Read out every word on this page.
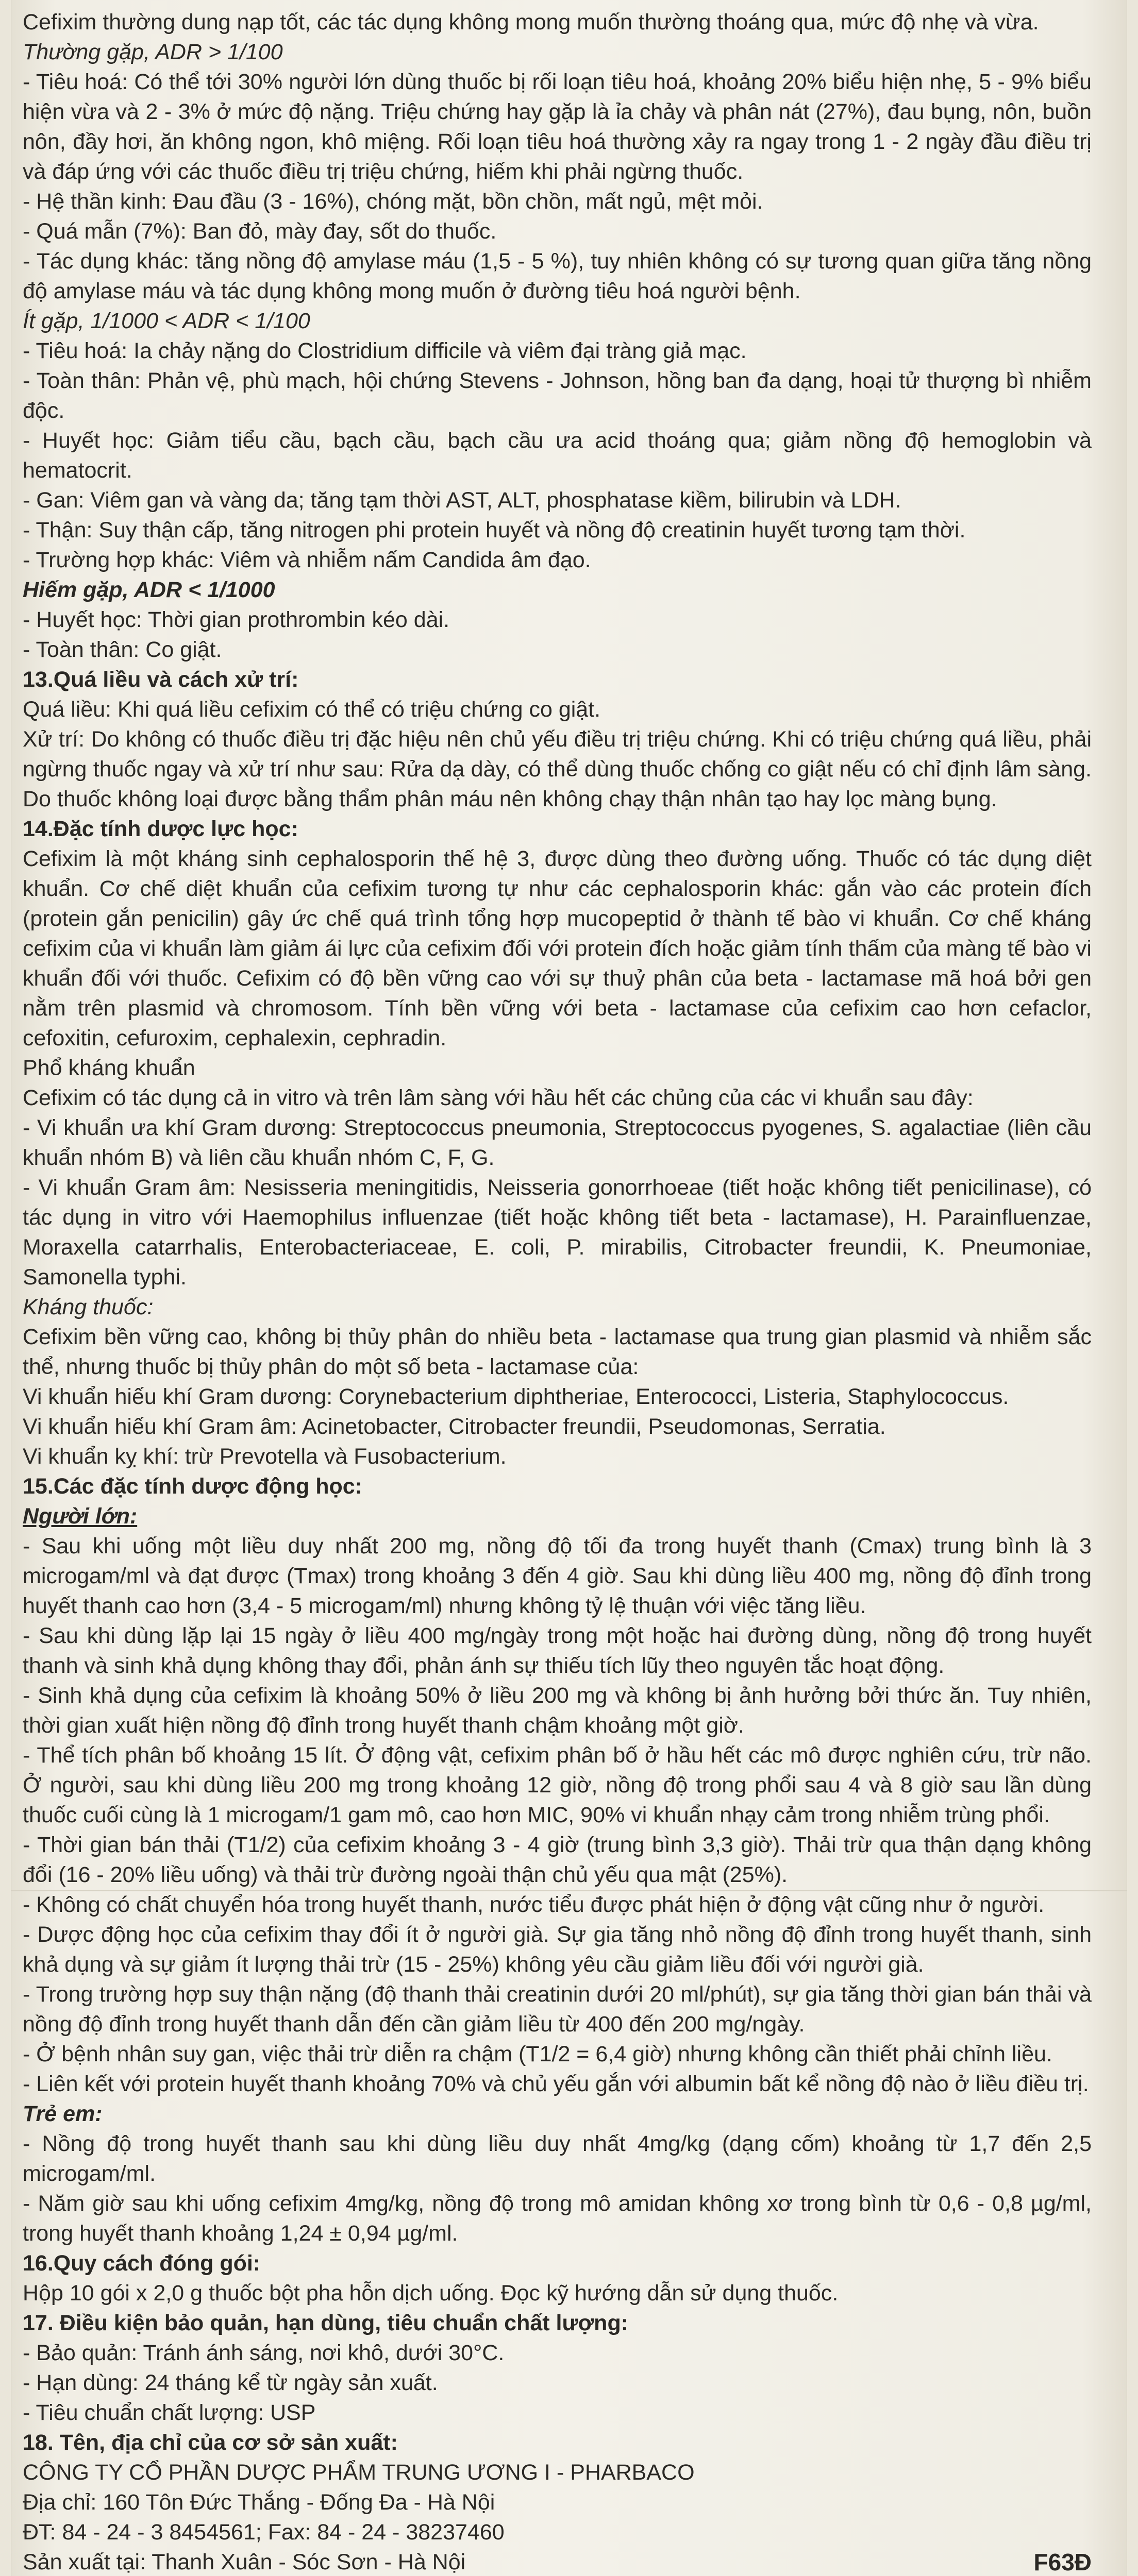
Cefixim thường dung nạp tốt, các tác dụng không mong muốn thường thoáng qua, mức độ nhẹ và vừa.

Thường gặp, ADR > 1/100

- Tiêu hoá: Có thể tới 30% người lớn dùng thuốc bị rối loạn tiêu hoá, khoảng 20% biểu hiện nhẹ, 5 - 9% biểu hiện vừa và 2 - 3% ở mức độ nặng. Triệu chứng hay gặp là ỉa chảy và phân nát (27%), đau bụng, nôn, buồn nôn, đầy hơi, ăn không ngon, khô miệng. Rối loạn tiêu hoá thường xảy ra ngay trong 1 - 2 ngày đầu điều trị và đáp ứng với các thuốc điều trị triệu chứng, hiếm khi phải ngừng thuốc.

- Hệ thần kinh: Đau đầu (3 - 16%), chóng mặt, bồn chồn, mất ngủ, mệt mỏi.

- Quá mẫn (7%): Ban đỏ, mày đay, sốt do thuốc.

- Tác dụng khác: tăng nồng độ amylase máu (1,5 - 5 %), tuy nhiên không có sự tương quan giữa tăng nồng độ amylase máu và tác dụng không mong muốn ở đường tiêu hoá người bệnh.

Ít gặp, 1/1000 < ADR < 1/100

- Tiêu hoá: Ia chảy nặng do Clostridium difficile và viêm đại tràng giả mạc.

- Toàn thân: Phản vệ, phù mạch, hội chứng Stevens - Johnson, hồng ban đa dạng, hoại tử thượng bì nhiễm độc.

- Huyết học: Giảm tiểu cầu, bạch cầu, bạch cầu ưa acid thoáng qua; giảm nồng độ hemoglobin và hematocrit.

- Gan: Viêm gan và vàng da; tăng tạm thời AST, ALT, phosphatase kiềm, bilirubin và LDH.

- Thận: Suy thận cấp, tăng nitrogen phi protein huyết và nồng độ creatinin huyết tương tạm thời.

- Trường hợp khác: Viêm và nhiễm nấm Candida âm đạo.

Hiếm gặp, ADR < 1/1000

- Huyết học: Thời gian prothrombin kéo dài.

- Toàn thân: Co giật.

13.Quá liều và cách xử trí:

Quá liều: Khi quá liều cefixim có thể có triệu chứng co giật.

Xử trí: Do không có thuốc điều trị đặc hiệu nên chủ yếu điều trị triệu chứng. Khi có triệu chứng quá liều, phải ngừng thuốc ngay và xử trí như sau: Rửa dạ dày, có thể dùng thuốc chống co giật nếu có chỉ định lâm sàng. Do thuốc không loại được bằng thẩm phân máu nên không chạy thận nhân tạo hay lọc màng bụng.

14.Đặc tính dược lực học:

Cefixim là một kháng sinh cephalosporin thế hệ 3, được dùng theo đường uống. Thuốc có tác dụng diệt khuẩn. Cơ chế diệt khuẩn của cefixim tương tự như các cephalosporin khác: gắn vào các protein đích (protein gắn penicilin) gây ức chế quá trình tổng hợp mucopeptid ở thành tế bào vi khuẩn. Cơ chế kháng cefixim của vi khuẩn làm giảm ái lực của cefixim đối với protein đích hoặc giảm tính thấm của màng tế bào vi khuẩn đối với thuốc. Cefixim có độ bền vững cao với sự thuỷ phân của beta - lactamase mã hoá bởi gen nằm trên plasmid và chromosom. Tính bền vững với beta - lactamase của cefixim cao hơn cefaclor, cefoxitin, cefuroxim, cephalexin, cephradin.

Phổ kháng khuẩn

Cefixim có tác dụng cả in vitro và trên lâm sàng với hầu hết các chủng của các vi khuẩn sau đây:

- Vi khuẩn ưa khí Gram dương: Streptococcus pneumonia, Streptococcus pyogenes, S. agalactiae (liên cầu khuẩn nhóm B) và liên cầu khuẩn nhóm C, F, G.

- Vi khuẩn Gram âm: Nesisseria meningitidis, Neisseria gonorrhoeae (tiết hoặc không tiết penicilinase), có tác dụng in vitro với Haemophilus influenzae (tiết hoặc không tiết beta - lactamase), H. Parainfluenzae, Moraxella catarrhalis, Enterobacteriaceae, E. coli, P. mirabilis, Citrobacter freundii, K. Pneumoniae, Samonella typhi.

Kháng thuốc:

Cefixim bền vững cao, không bị thủy phân do nhiều beta - lactamase qua trung gian plasmid và nhiễm sắc thể, nhưng thuốc bị thủy phân do một số beta - lactamase của:

Vi khuẩn hiếu khí Gram dương: Corynebacterium diphtheriae, Enterococci, Listeria, Staphylococcus.

Vi khuẩn hiếu khí Gram âm: Acinetobacter, Citrobacter freundii, Pseudomonas, Serratia.

Vi khuẩn kỵ khí: trừ Prevotella và Fusobacterium.

15.Các đặc tính dược động học:

Người lớn:

- Sau khi uống một liều duy nhất 200 mg, nồng độ tối đa trong huyết thanh (Cmax) trung bình là 3 microgam/ml và đạt được (Tmax) trong khoảng 3 đến 4 giờ. Sau khi dùng liều 400 mg, nồng độ đỉnh trong huyết thanh cao hơn (3,4 - 5 microgam/ml) nhưng không tỷ lệ thuận với việc tăng liều.

- Sau khi dùng lặp lại 15 ngày ở liều 400 mg/ngày trong một hoặc hai đường dùng, nồng độ trong huyết thanh và sinh khả dụng không thay đổi, phản ánh sự thiếu tích lũy theo nguyên tắc hoạt động.

- Sinh khả dụng của cefixim là khoảng 50% ở liều 200 mg và không bị ảnh hưởng bởi thức ăn. Tuy nhiên, thời gian xuất hiện nồng độ đỉnh trong huyết thanh chậm khoảng một giờ.

- Thể tích phân bố khoảng 15 lít. Ở động vật, cefixim phân bố ở hầu hết các mô được nghiên cứu, trừ não. Ở người, sau khi dùng liều 200 mg trong khoảng 12 giờ, nồng độ trong phổi sau 4 và 8 giờ sau lần dùng thuốc cuối cùng là 1 microgam/1 gam mô, cao hơn MIC, 90% vi khuẩn nhạy cảm trong nhiễm trùng phổi.

- Thời gian bán thải (T1/2) của cefixim khoảng 3 - 4 giờ (trung bình 3,3 giờ). Thải trừ qua thận dạng không đổi (16 - 20% liều uống) và thải trừ đường ngoài thận chủ yếu qua mật (25%).

- Không có chất chuyển hóa trong huyết thanh, nước tiểu được phát hiện ở động vật cũng như ở người.

- Dược động học của cefixim thay đổi ít ở người già. Sự gia tăng nhỏ nồng độ đỉnh trong huyết thanh, sinh khả dụng và sự giảm ít lượng thải trừ (15 - 25%) không yêu cầu giảm liều đối với người già.

- Trong trường hợp suy thận nặng (độ thanh thải creatinin dưới 20 ml/phút), sự gia tăng thời gian bán thải và nồng độ đỉnh trong huyết thanh dẫn đến cần giảm liều từ 400 đến 200 mg/ngày.

- Ở bệnh nhân suy gan, việc thải trừ diễn ra chậm (T1/2 = 6,4 giờ) nhưng không cần thiết phải chỉnh liều.

- Liên kết với protein huyết thanh khoảng 70% và chủ yếu gắn với albumin bất kể nồng độ nào ở liều điều trị.

Trẻ em:

- Nồng độ trong huyết thanh sau khi dùng liều duy nhất 4mg/kg (dạng cốm) khoảng từ 1,7 đến 2,5 microgam/ml.

- Năm giờ sau khi uống cefixim 4mg/kg, nồng độ trong mô amidan không xơ trong bình từ 0,6 - 0,8 µg/ml, trong huyết thanh khoảng 1,24 ± 0,94 µg/ml.

16.Quy cách đóng gói:

Hộp 10 gói x 2,0 g thuốc bột pha hỗn dịch uống. Đọc kỹ hướng dẫn sử dụng thuốc.

17. Điều kiện bảo quản, hạn dùng, tiêu chuẩn chất lượng:

- Bảo quản: Tránh ánh sáng, nơi khô, dưới 30°C.

- Hạn dùng: 24 tháng kể từ ngày sản xuất.

- Tiêu chuẩn chất lượng: USP

18. Tên, địa chỉ của cơ sở sản xuất:

CÔNG TY CỔ PHẦN DƯỢC PHẨM TRUNG ƯƠNG I - PHARBACO

Địa chỉ: 160 Tôn Đức Thắng - Đống Đa - Hà Nội

ĐT: 84 - 24 - 3 8454561; Fax: 84 - 24 - 38237460

Sản xuất tại: Thanh Xuân - Sóc Sơn - Hà Nội	F63Đ
